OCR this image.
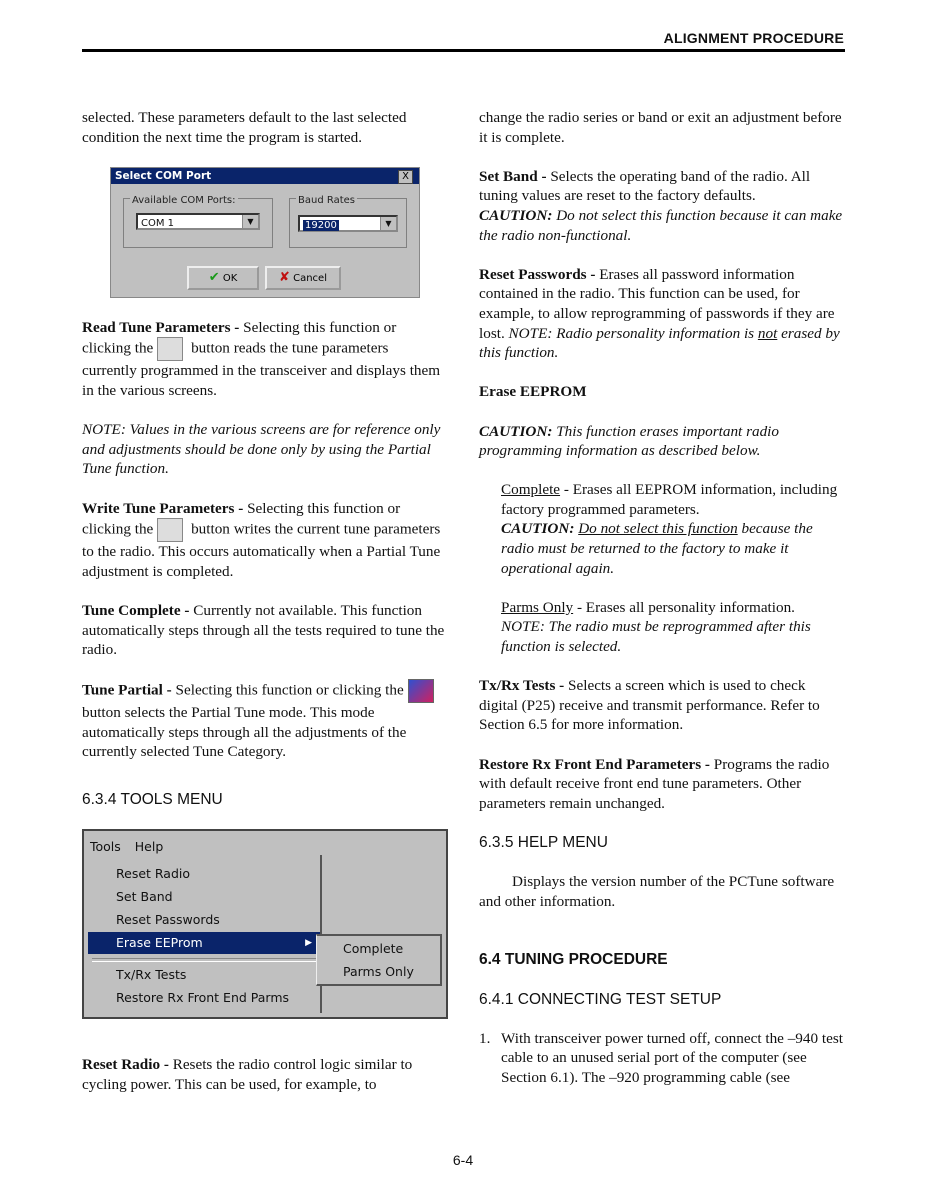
ALIGNMENT PROCEDURE

selected. These parameters default to the last selected condition the next time the program is started.

Select COM Port	X
Available COM Ports:
COM 1	▼
Baud Rates
19200	▼
✔ OK	✘ Cancel

Read Tune Parameters - Selecting this function or clicking the button reads the tune parameters currently programmed in the transceiver and displays them in the various screens.

NOTE: Values in the various screens are for reference only and adjustments should be done only by using the Partial Tune function.

Write Tune Parameters - Selecting this function or clicking the button writes the current tune parameters to the radio. This occurs automatically when a Partial Tune adjustment is completed.

Tune Complete - Currently not available. This function automatically steps through all the tests required to tune the radio.

Tune Partial - Selecting this function or clicking the button selects the Partial Tune mode. This mode automatically steps through all the adjustments of the currently selected Tune Category.

6.3.4 TOOLS MENU
Tools Help
Reset Radio
Set Band
Reset Passwords
Erase EEProm	▶
Tx/Rx Tests
Restore Rx Front End Parms
Complete
Parms Only

Reset Radio - Resets the radio control logic similar to cycling power. This can be used, for example, to

change the radio series or band or exit an adjustment before it is complete.

Set Band - Selects the operating band of the radio. All tuning values are reset to the factory defaults.
CAUTION: Do not select this function because it can make the radio non-functional.

Reset Passwords - Erases all password information contained in the radio. This function can be used, for example, to allow reprogramming of passwords if they are lost. NOTE: Radio personality information is not erased by this function.

Erase EEPROM

CAUTION: This function erases important radio programming information as described below.

Complete - Erases all EEPROM information, including factory programmed parameters.
CAUTION: Do not select this function because the radio must be returned to the factory to make it operational again.

Parms Only - Erases all personality information.
NOTE: The radio must be reprogrammed after this function is selected.

Tx/Rx Tests - Selects a screen which is used to check digital (P25) receive and transmit performance. Refer to Section 6.5 for more information.

Restore Rx Front End Parameters - Programs the radio with default receive front end tune parameters. Other parameters remain unchanged.

6.3.5 HELP MENU

Displays the version number of the PCTune software and other information.

6.4 TUNING PROCEDURE
6.4.1 CONNECTING TEST SETUP
1. With transceiver power turned off, connect the –940 test cable to an unused serial port of the computer (see Section 6.1). The –920 programming cable (see
6-4
